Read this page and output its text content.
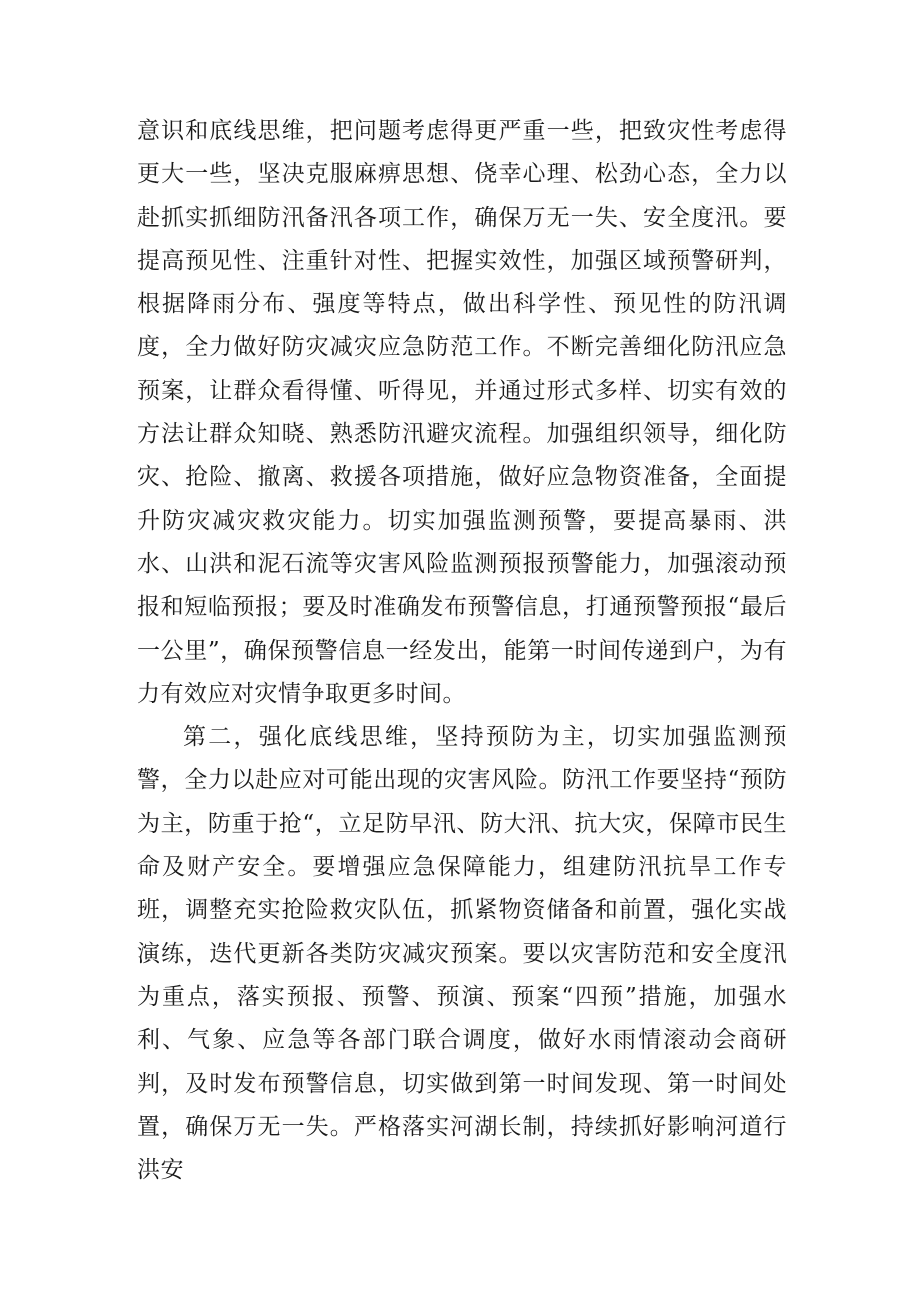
意识和底线思维，把问题考虑得更严重一些，把致灾性考虑得更大一些，坚决克服麻痹思想、侥幸心理、松劲心态，全力以赴抓实抓细防汛备汛各项工作，确保万无一失、安全度汛。要提高预见性、注重针对性、把握实效性，加强区域预警研判，根据降雨分布、强度等特点，做出科学性、预见性的防汛调度，全力做好防灾减灾应急防范工作。不断完善细化防汛应急预案，让群众看得懂、听得见，并通过形式多样、切实有效的方法让群众知晓、熟悉防汛避灾流程。加强组织领导，细化防灾、抢险、撤离、救援各项措施，做好应急物资准备，全面提升防灾减灾救灾能力。切实加强监测预警，要提高暴雨、洪水、山洪和泥石流等灾害风险监测预报预警能力，加强滚动预报和短临预报；要及时准确发布预警信息，打通预警预报“最后一公里”，确保预警信息一经发出，能第一时间传递到户，为有力有效应对灾情争取更多时间。

第二，强化底线思维，坚持预防为主，切实加强监测预警，全力以赴应对可能出现的灾害风险。防汛工作要坚持“预防为主，防重于抢“，立足防早汛、防大汛、抗大灾，保障市民生命及财产安全。要增强应急保障能力，组建防汛抗旱工作专班，调整充实抢险救灾队伍，抓紧物资储备和前置，强化实战演练，迭代更新各类防灾减灾预案。要以灾害防范和安全度汛为重点，落实预报、预警、预演、预案“四预”措施，加强水利、气象、应急等各部门联合调度，做好水雨情滚动会商研判，及时发布预警信息，切实做到第一时间发现、第一时间处置，确保万无一失。严格落实河湖长制，持续抓好影响河道行洪安
